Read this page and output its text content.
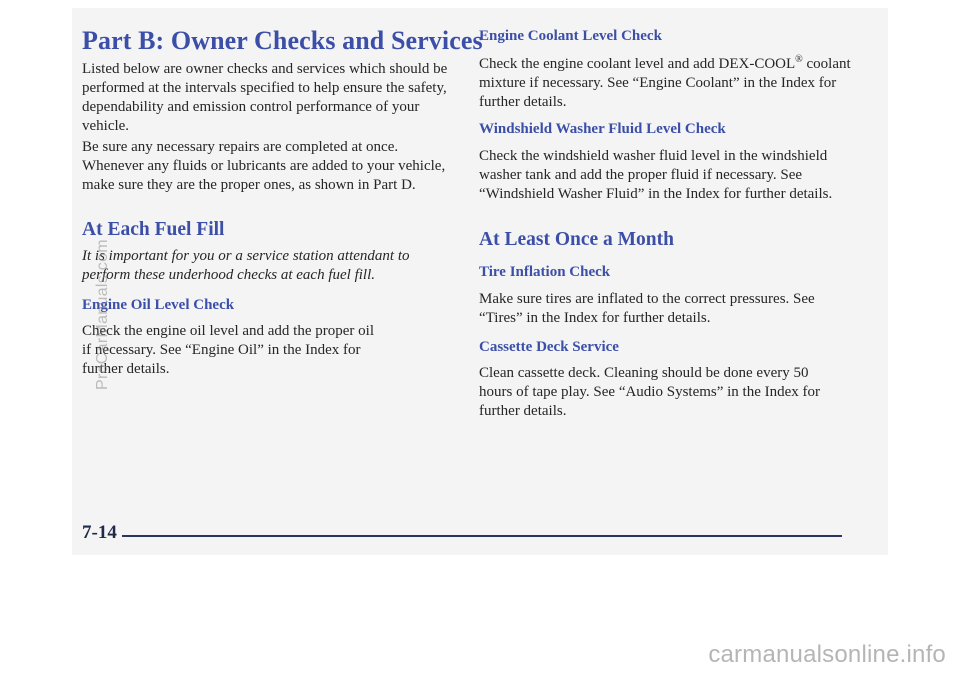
Part B: Owner Checks and Services

Listed below are owner checks and services which should be performed at the intervals specified to help ensure the safety, dependability and emission control performance of your vehicle.

Be sure any necessary repairs are completed at once. Whenever any fluids or lubricants are added to your vehicle, make sure they are the proper ones, as shown in Part D.

At Each Fuel Fill

It is important for you or a service station attendant to perform these underhood checks at each fuel fill.

Engine Oil Level Check

Check the engine oil level and add the proper oil if necessary. See “Engine Oil” in the Index for further details.

Engine Coolant Level Check

Check the engine coolant level and add DEX-COOL® coolant mixture if necessary. See “Engine Coolant” in the Index for further details.

Windshield Washer Fluid Level Check

Check the windshield washer fluid level in the windshield washer tank and add the proper fluid if necessary. See “Windshield Washer Fluid” in the Index for further details.

At Least Once a Month
Tire Inflation Check

Make sure tires are inflated to the correct pressures. See “Tires” in the Index for further details.

Cassette Deck Service

Clean cassette deck. Cleaning should be done every 50 hours of tape play. See “Audio Systems” in the Index for further details.

7-14
ProCarManuals.com
carmanualsonline.info
